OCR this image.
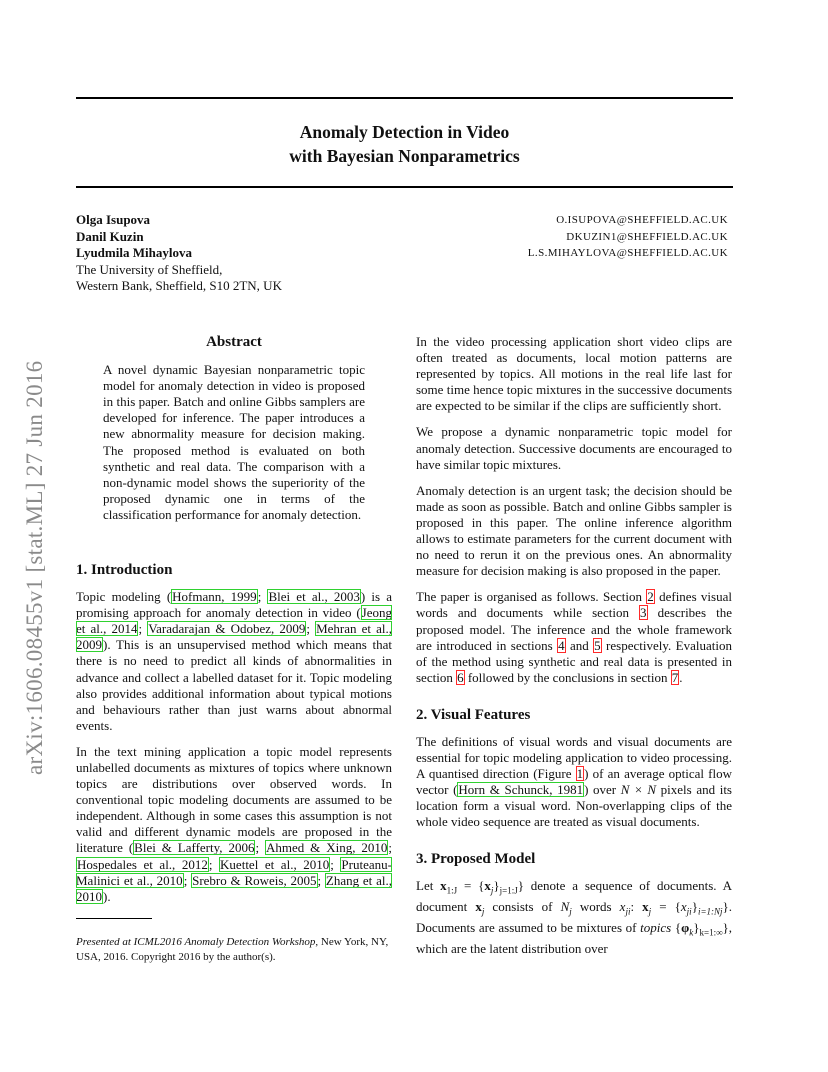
Anomaly Detection in Video
with Bayesian Nonparametrics
arXiv:1606.08455v1 [stat.ML] 27 Jun 2016
Olga Isupova
Danil Kuzin
Lyudmila Mihaylova
The University of Sheffield,
Western Bank, Sheffield, S10 2TN, UK
O.ISUPOVA@SHEFFIELD.AC.UK
DKUZIN1@SHEFFIELD.AC.UK
L.S.MIHAYLOVA@SHEFFIELD.AC.UK
Abstract

A novel dynamic Bayesian nonparametric topic model for anomaly detection in video is proposed in this paper. Batch and online Gibbs samplers are developed for inference. The paper introduces a new abnormality measure for decision making. The proposed method is evaluated on both synthetic and real data. The comparison with a non-dynamic model shows the superiority of the proposed dynamic one in terms of the classification performance for anomaly detection.

1. Introduction

Topic modeling (Hofmann, 1999; Blei et al., 2003) is a promising approach for anomaly detection in video (Jeong et al., 2014; Varadarajan & Odobez, 2009; Mehran et al., 2009). This is an unsupervised method which means that there is no need to predict all kinds of abnormalities in advance and collect a labelled dataset for it. Topic modeling also provides additional information about typical motions and behaviours rather than just warns about abnormal events.

In the text mining application a topic model represents unlabelled documents as mixtures of topics where unknown topics are distributions over observed words. In conventional topic modeling documents are assumed to be independent. Although in some cases this assumption is not valid and different dynamic models are proposed in the literature (Blei & Lafferty, 2006; Ahmed & Xing, 2010; Hospedales et al., 2012; Kuettel et al., 2010; Pruteanu-Malinici et al., 2010; Srebro & Roweis, 2005; Zhang et al., 2010).

In the video processing application short video clips are often treated as documents, local motion patterns are represented by topics. All motions in the real life last for some time hence topic mixtures in the successive documents are expected to be similar if the clips are sufficiently short.

We propose a dynamic nonparametric topic model for anomaly detection. Successive documents are encouraged to have similar topic mixtures.

Anomaly detection is an urgent task; the decision should be made as soon as possible. Batch and online Gibbs sampler is proposed in this paper. The online inference algorithm allows to estimate parameters for the current document with no need to rerun it on the previous ones. An abnormality measure for decision making is also proposed in the paper.

The paper is organised as follows. Section 2 defines visual words and documents while section 3 describes the proposed model. The inference and the whole framework are introduced in sections 4 and 5 respectively. Evaluation of the method using synthetic and real data is presented in section 6 followed by the conclusions in section 7.

2. Visual Features

The definitions of visual words and visual documents are essential for topic modeling application to video processing. A quantised direction (Figure 1) of an average optical flow vector (Horn & Schunck, 1981) over N × N pixels and its location form a visual word. Non-overlapping clips of the whole video sequence are treated as visual documents.

3. Proposed Model

Let $x_{1:J} = \{x_j\}_{j=1:J}$} denote a sequence of documents. A document $x_j$ consists of $N_j$ words $x_{ji}$: $x_j = \{x_{ji}\}_{i=1:Nj}$}. Documents are assumed to be mixtures of topics $\{\varphi_k\}_{k=1:\infty}$}, which are the latent distribution over

Presented at ICML2016 Anomaly Detection Workshop, New York, NY, USA, 2016. Copyright 2016 by the author(s).
